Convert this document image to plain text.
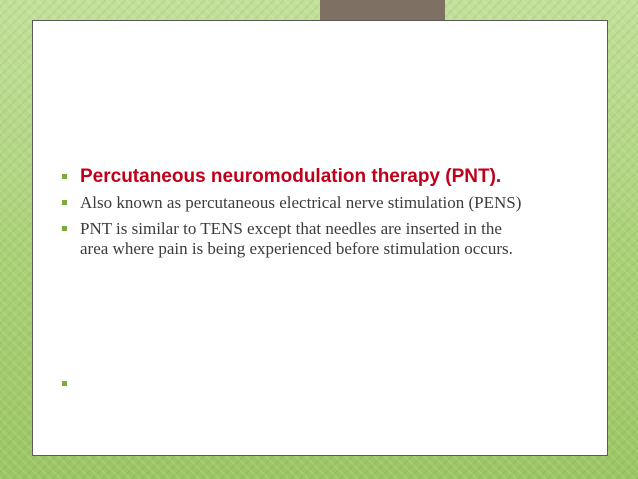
Percutaneous neuromodulation therapy (PNT).
Also known as percutaneous electrical nerve stimulation (PENS)
PNT is similar to TENS except that needles are inserted in the area where pain is being experienced before stimulation occurs.
